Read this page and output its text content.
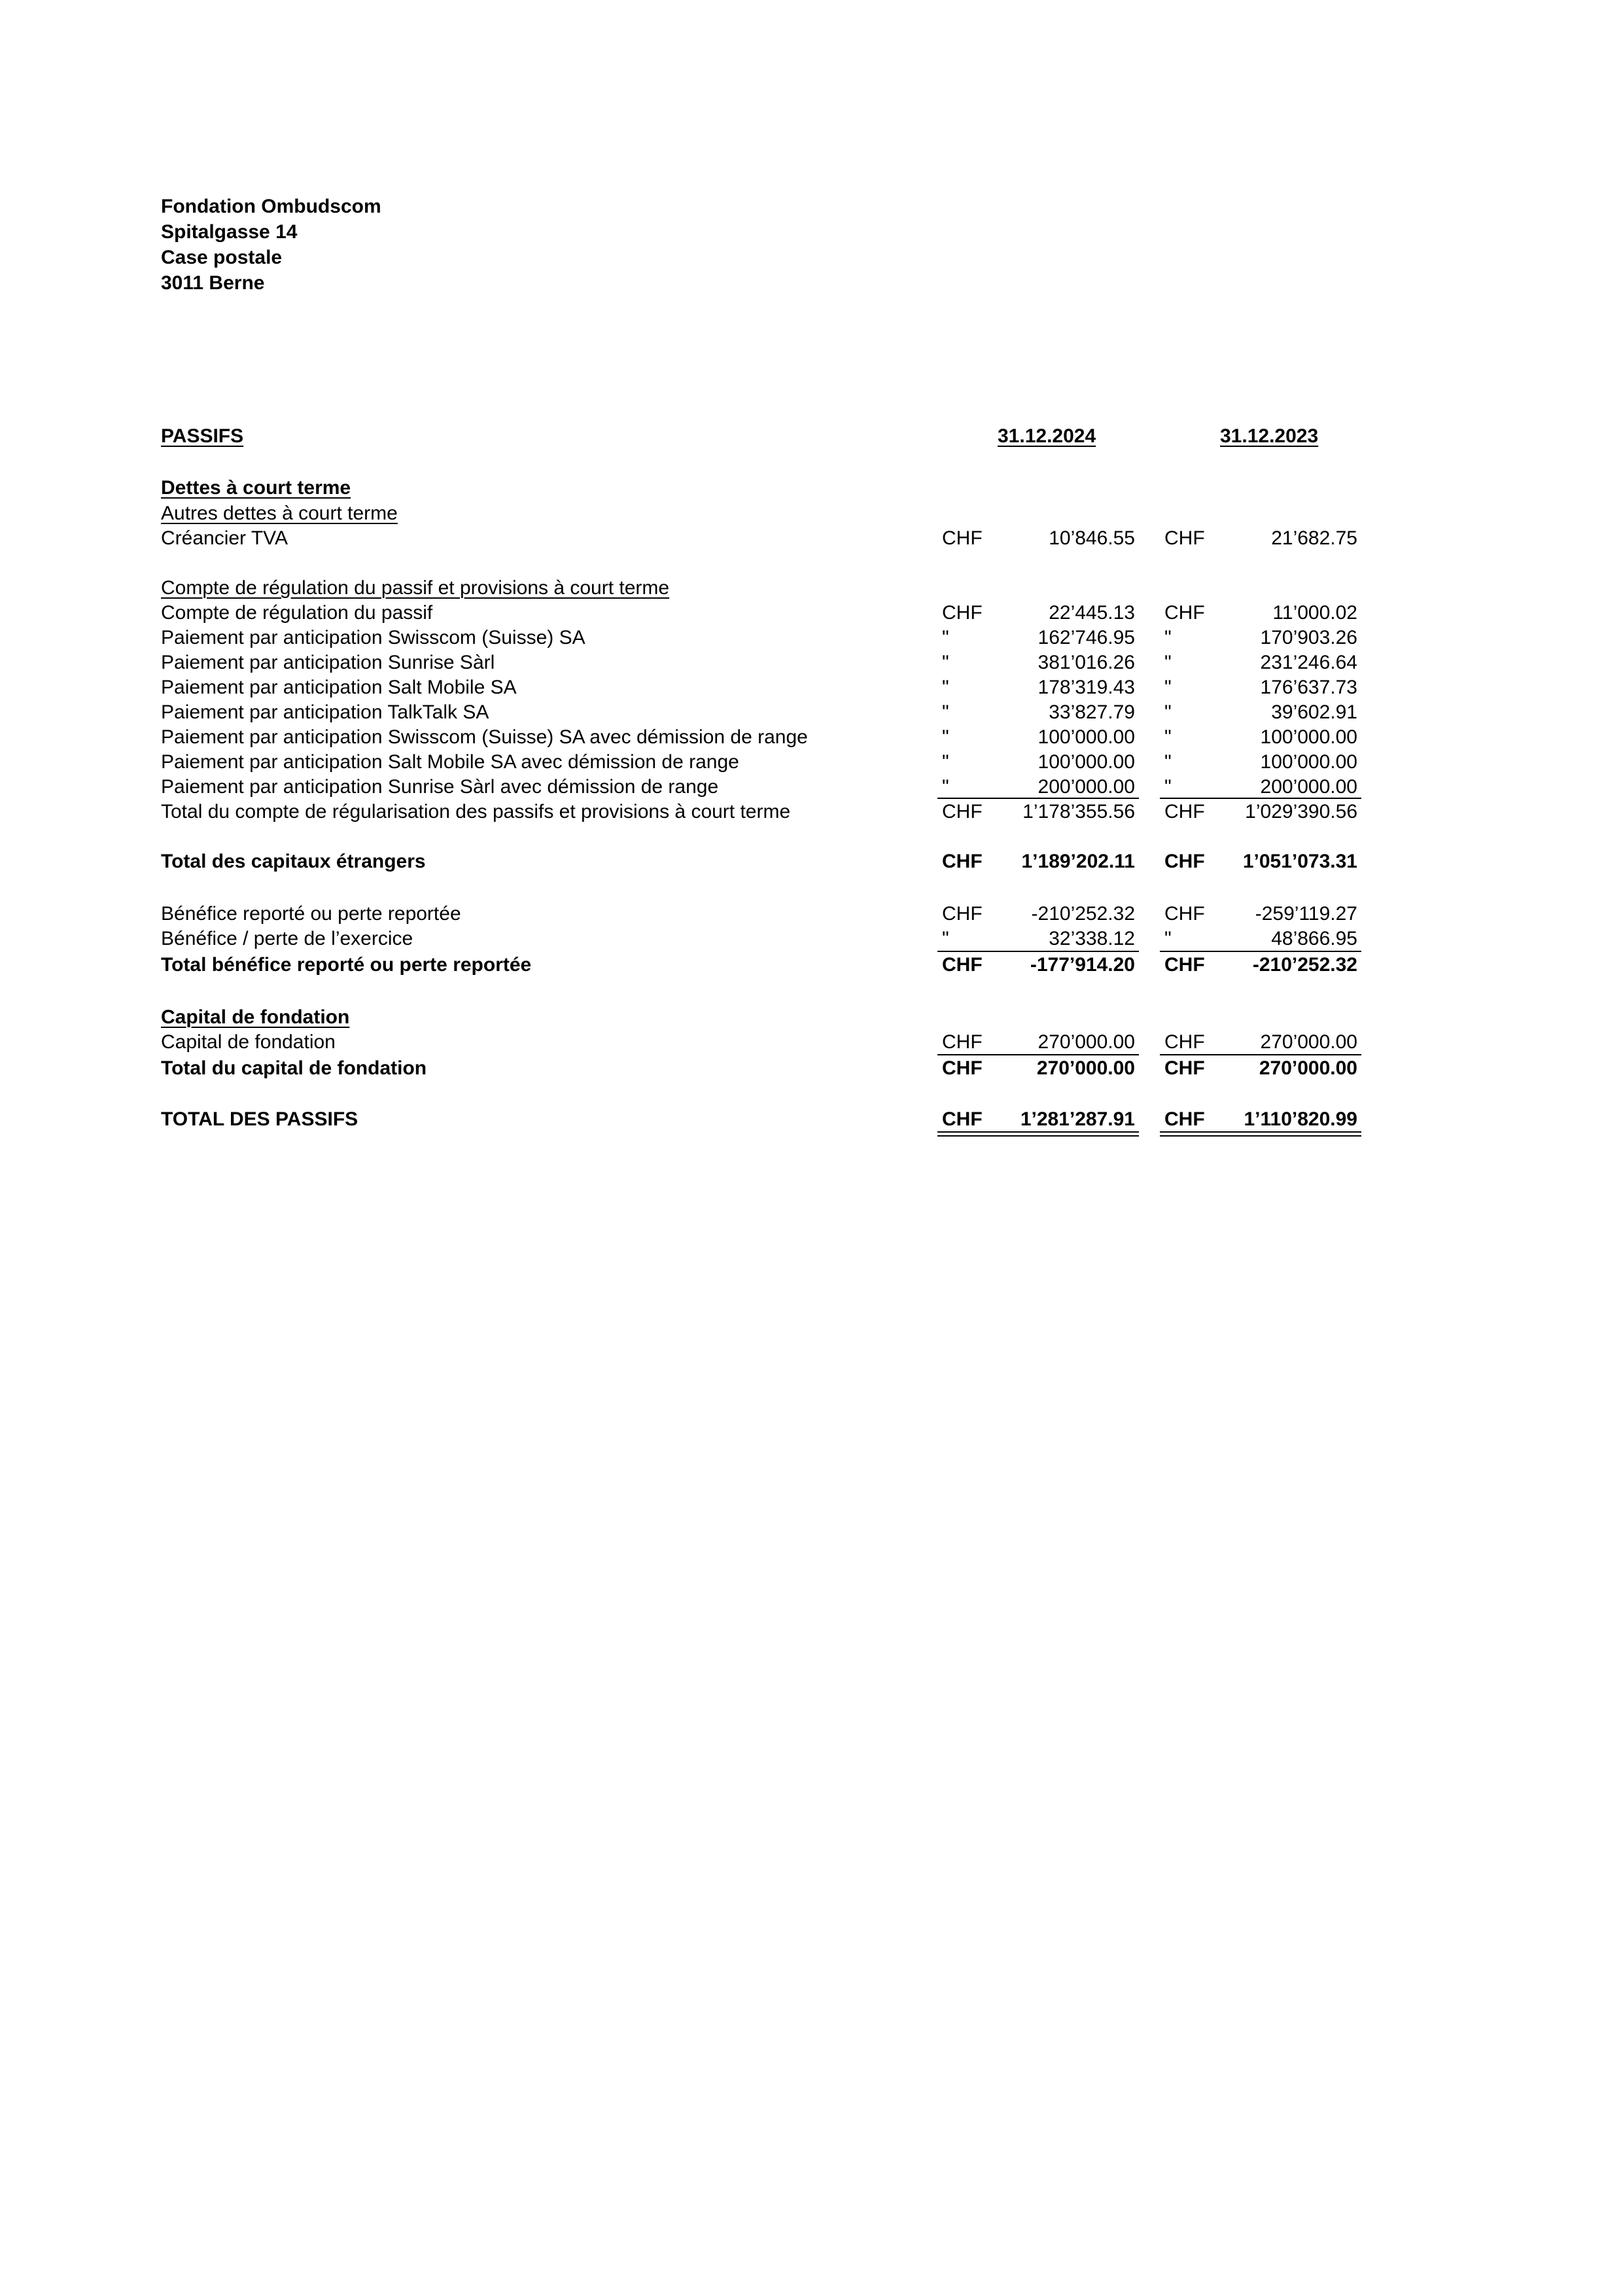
Fondation Ombudscom
Spitalgasse 14
Case postale
3011 Berne
PASSIFS	31.12.2024	31.12.2023
Dettes à court terme
Autres dettes à court terme
Créancier TVA	CHF	10’846.55 CHF	21’682.75
Compte de régulation du passif et provisions à court terme
Compte de régulation du passif	CHF	22’445.13 CHF	11’000.02
Paiement par anticipation Swisscom (Suisse) SA	"	162’746.95 "	170’903.26
Paiement par anticipation Sunrise Sàrl	"	381’016.26 "	231’246.64
Paiement par anticipation Salt Mobile SA	"	178’319.43 "	176’637.73
Paiement par anticipation TalkTalk SA	"	33’827.79 "	39’602.91
Paiement par anticipation Swisscom (Suisse) SA avec démission de range	"	100’000.00 "	100’000.00
Paiement par anticipation Salt Mobile SA avec démission de range	"	100’000.00 "	100’000.00
Paiement par anticipation Sunrise Sàrl avec démission de range	"	200’000.00 "	200’000.00
Total du compte de régularisation des passifs et provisions à court terme	CHF	1’178’355.56 CHF	1’029’390.56
Total des capitaux étrangers	CHF	1’189’202.11 CHF	1’051’073.31
Bénéfice reporté ou perte reportée	CHF	-210’252.32 CHF	-259’119.27
Bénéfice / perte de l’exercice	"	32’338.12 "	48’866.95
Total bénéfice reporté ou perte reportée	CHF	-177’914.20 CHF	-210’252.32
Capital de fondation
Capital de fondation	CHF	270’000.00 CHF	270’000.00
Total du capital de fondation	CHF	270’000.00 CHF	270’000.00
TOTAL DES PASSIFS	CHF	1’281’287.91 CHF	1’110’820.99
